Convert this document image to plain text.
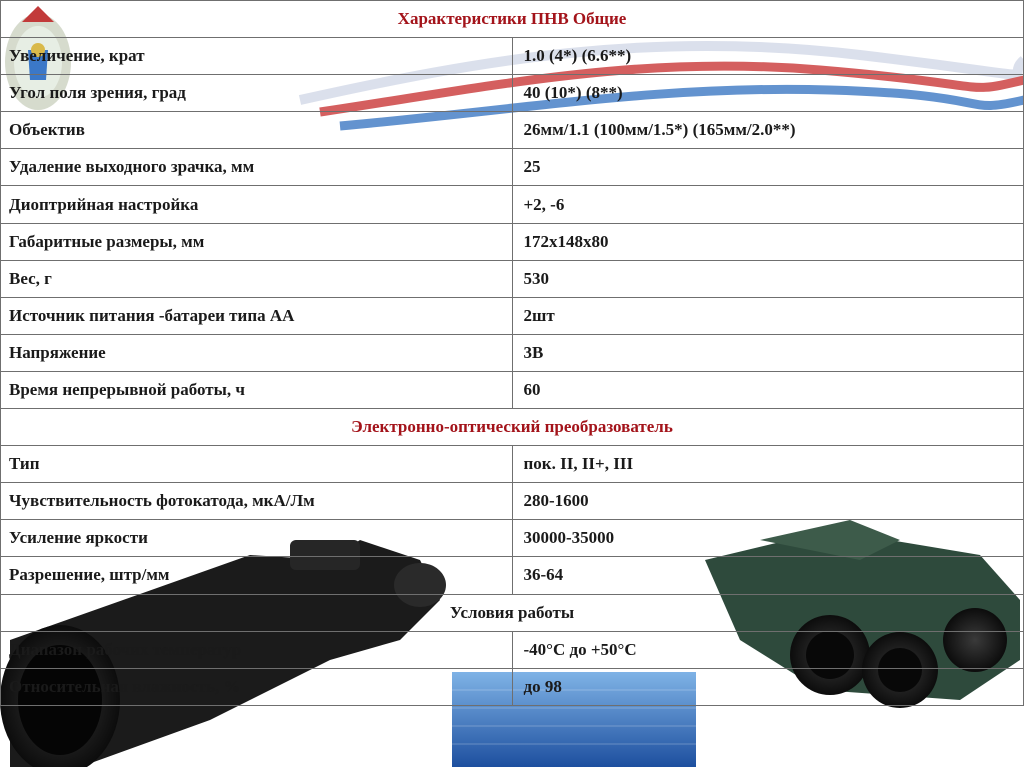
Характеристики ПНВ Общие	
Увеличение, крат	1.0 (4*) (6.6**)
Угол поля зрения, град	40 (10*) (8**)
Объектив	26мм/1.1 (100мм/1.5*) (165мм/2.0**)
Удаление выходного зрачка, мм	25
Диоптрийная настройка	+2, -6
Габаритные размеры, мм	172x148x80
Вес, г	530
Источник питания -батареи типа АА	2шт
Напряжение	3В
Время непрерывной работы, ч	60
Электронно-оптический преобразователь	
Тип	пок. II, II+, III
Чувствительность фотокатода, мкА/Лм	280-1600
Усиление яркости	30000-35000
Разрешение, штр/мм	36-64
Условия работы	
Диапазон рабочих температур	-40°С до +50°С
Относительная влажность, %	до 98
